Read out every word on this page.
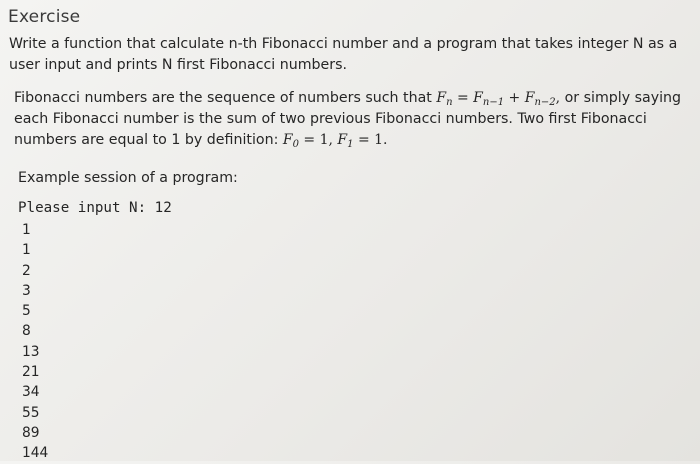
Exercise
Write a function that calculate n-th Fibonacci number and a program that takes integer N as a
user input and prints N first Fibonacci numbers.
Fibonacci numbers are the sequence of numbers such that $F_n = F_{n-1} + F_{n-2}$, or simply saying
each Fibonacci number is the sum of two previous Fibonacci numbers. Two first Fibonacci
numbers are equal to 1 by definition: $F_0 = 1$, $F_1 = 1$.
Example session of a program:
Please input N: 12
1
1
2
3
5
8
13
21
34
55
89
144
